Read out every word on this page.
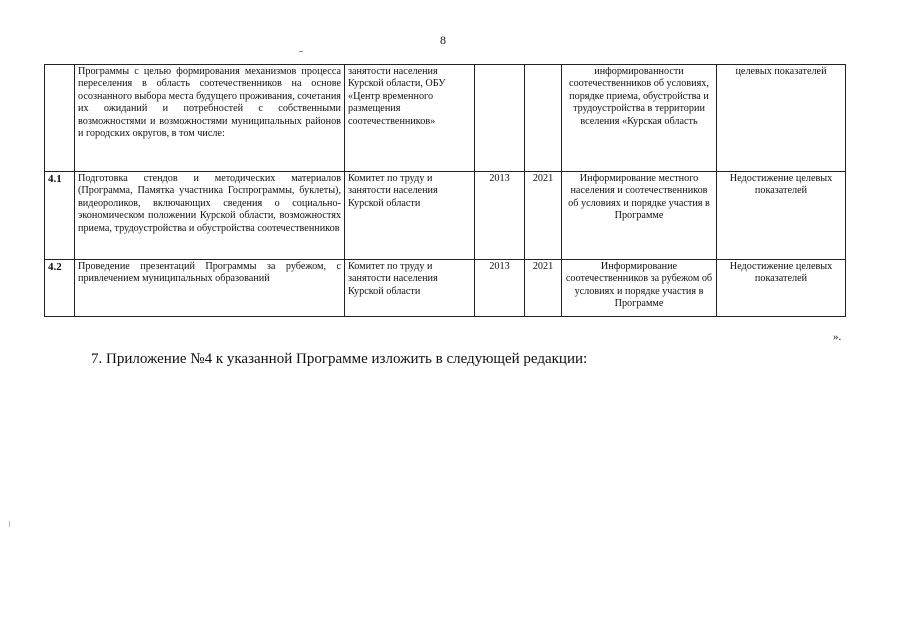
8
	Программы с целью формирования механизмов процесса переселения в область соотечественников на основе осознанного выбора места будущего проживания, сочетания их ожиданий и потребностей с собственными возможностями и возможностями муниципальных районов и городских округов, в том числе:	занятости населения Курской области, ОБУ «Центр временного размещения соотечественников»			информированности соотечественников об условиях, порядке приема, обустройства и трудоустройства в территории вселения «Курская область	целевых показателей
4.1	Подготовка стендов и методических материалов (Программа, Памятка участника Госпрограммы, буклеты), видеороликов, включающих сведения о социально-экономическом положении Курской области, возможностях приема, трудоустройства и обустройства соотечественников	Комитет по труду и занятости населения Курской области	2013	2021	Информирование местного населения и соотечественников об условиях и порядке участия в Программе	Недостижение целевых показателей
4.2	Проведение презентаций Программы за рубежом, с привлечением муниципальных образований	Комитет по труду и занятости населения Курской области	2013	2021	Информирование соотечественников за рубежом об условиях и порядке участия в Программе	Недостижение целевых показателей
».
7. Приложение №4 к указанной Программе изложить в следующей редакции:
